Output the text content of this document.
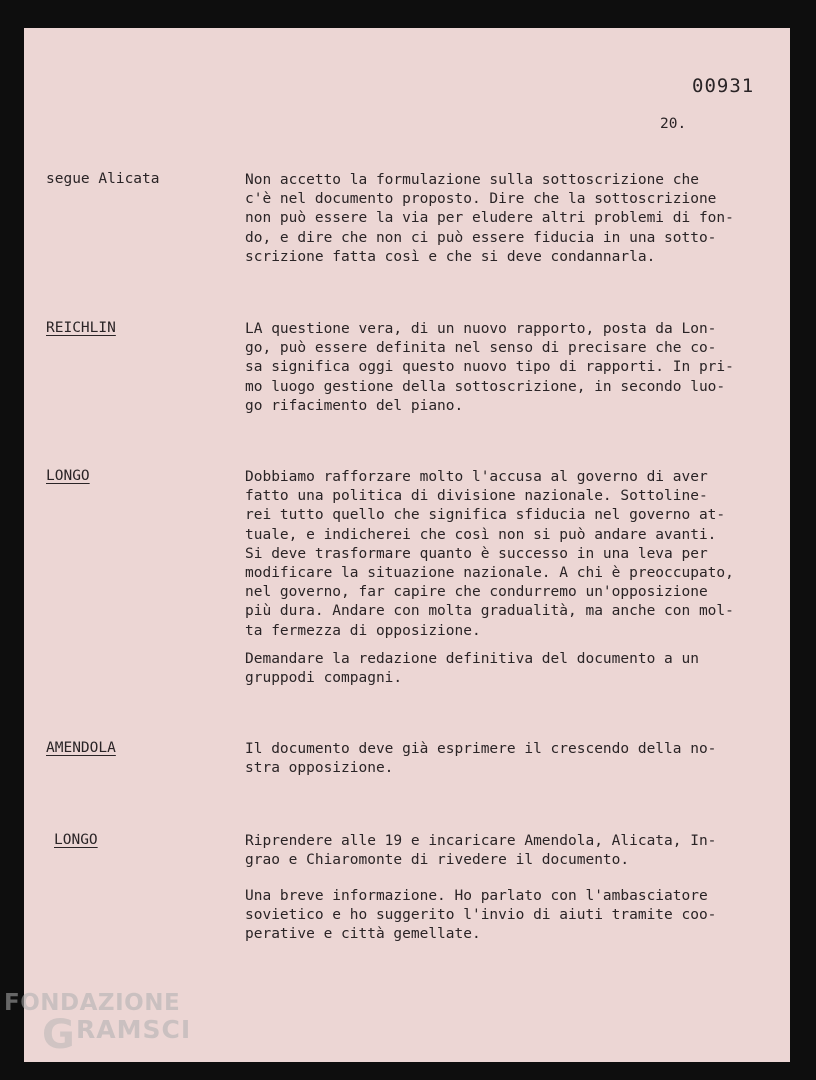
00931
20.
segue Alicata	Non accetto la formulazione sulla sottoscrizione che
c'è nel documento proposto. Dire che la sottoscrizione
non può essere la via per eludere altri problemi di fon-
do, e dire che non ci può essere fiducia in una sotto-
scrizione fatta così e che si deve condannarla.

REICHLIN	LA questione vera, di un nuovo rapporto, posta da Lon-
go, può essere definita nel senso di precisare che co-
sa significa oggi questo nuovo tipo di rapporti. In pri-
mo luogo gestione della sottoscrizione, in secondo luo-
go rifacimento del piano.

LONGO	Dobbiamo rafforzare molto l'accusa al governo di aver
fatto una politica di divisione nazionale. Sottoline-
rei tutto quello che significa sfiducia nel governo at-
tuale, e indicherei che così non si può andare avanti.
Si deve trasformare quanto è successo in una leva per
modificare la situazione nazionale. A chi è preoccupato,
nel governo, far capire che condurremo un'opposizione
più dura. Andare con molta gradualità, ma anche con mol-
ta fermezza di opposizione.

Demandare la redazione definitiva del documento a un
gruppodi compagni.

AMENDOLA	Il documento deve già esprimere il crescendo della no-
stra opposizione.

LONGO	Riprendere alle 19 e incaricare Amendola, Alicata, In-
grao e Chiaromonte di rivedere il documento.

Una breve informazione. Ho parlato con l'ambasciatore
sovietico e ho suggerito l'invio di aiuti tramite coo-
perative e città gemellate.

FONDAZIONE
RAMSCI
G
